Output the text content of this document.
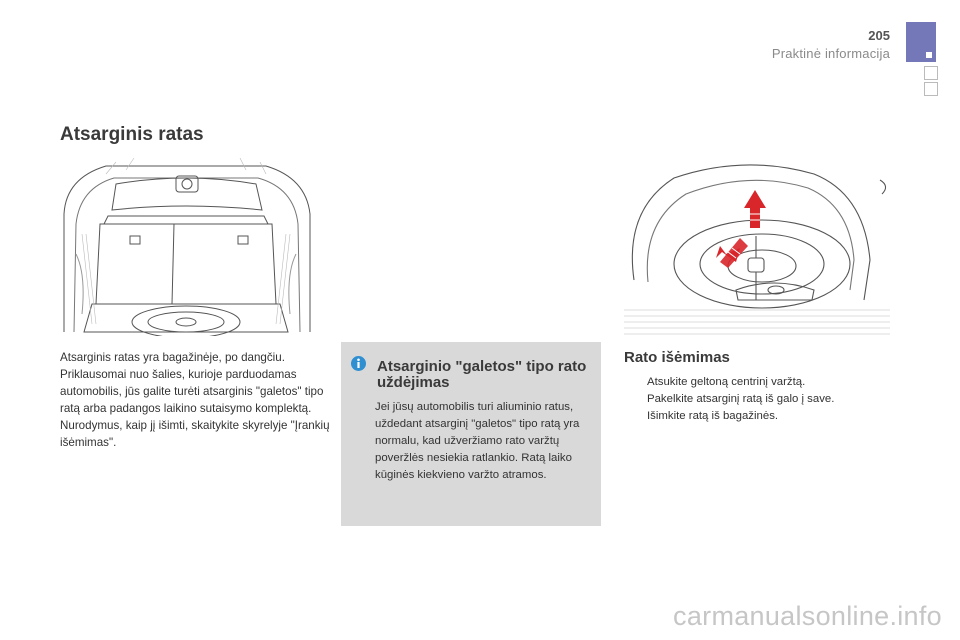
205
Praktinė informacija
Atsarginis ratas

Atsarginis ratas yra bagažinėje, po dangčiu.

Priklausomai nuo šalies, kurioje parduodamas automobilis, jūs galite turėti atsarginis "galetos" tipo ratą arba padangos laikino sutaisymo komplektą.

Nurodymus, kaip jį išimti, skaitykite skyrelyje "Įrankių išėmimas".

Atsarginio "galetos" tipo rato uždėjimas

Jei jūsų automobilis turi aliuminio ratus, uždedant atsarginį "galetos" tipo ratą yra normalu, kad užveržiamo rato varžtų poveržlės nesiekia ratlankio. Ratą laiko kūginės kiekvieno varžto atramos.

Rato išėmimas
Atsukite geltoną centrinį varžtą.
Pakelkite atsarginį ratą iš galo į save.
Išimkite ratą iš bagažinės.
carmanualsonline.info
